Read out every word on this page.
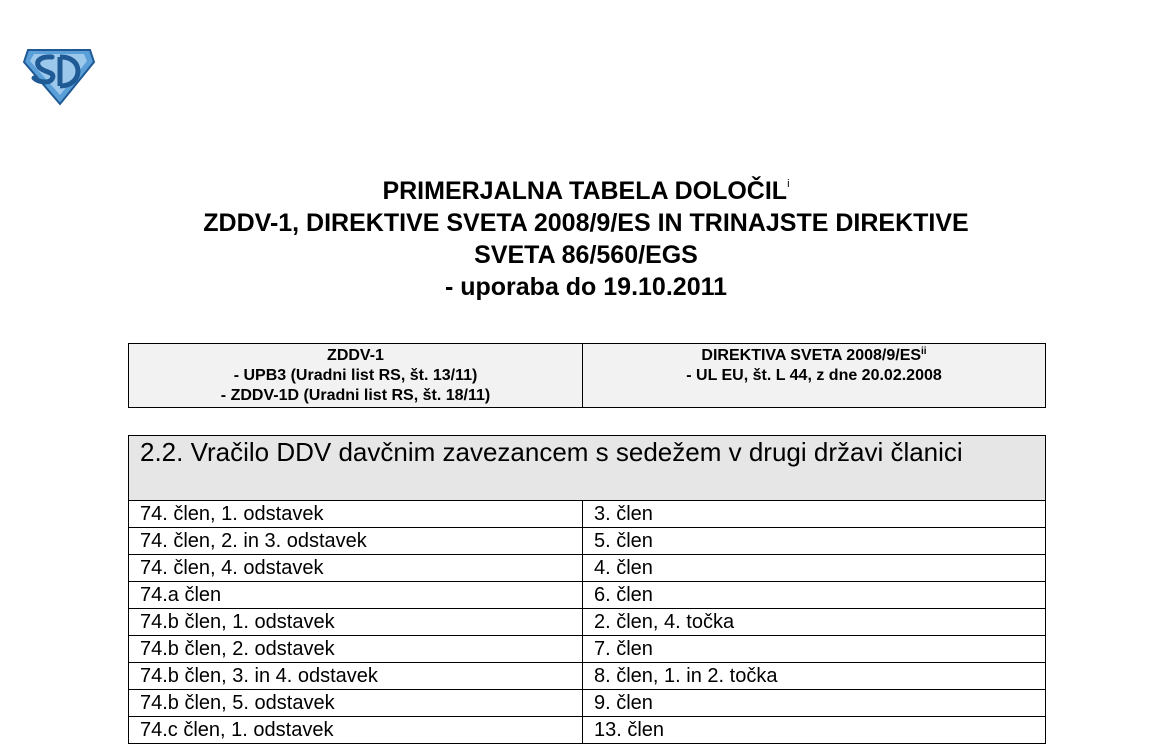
PRIMERJALNA TABELA DOLOČIL$^i$
ZDDV-1, DIREKTIVE SVETA 2008/9/ES IN TRINAJSTE DIREKTIVE
SVETA 86/560/EGS
- uporaba do 19.10.2011
ZDDV-1
- UPB3 (Uradni list RS, št. 13/11)
- ZDDV-1D (Uradni list RS, št. 18/11)

DIREKTIVA SVETA 2008/9/ES$^{ii}$
- UL EU, št. L 44, z dne 20.02.2008
2.2. Vračilo DDV davčnim zavezancem s sedežem v drugi državi članici	
74. člen, 1. odstavek	3. člen
74. člen, 2. in 3. odstavek	5. člen
74. člen, 4. odstavek	4. člen
74.a člen	6. člen
74.b člen, 1. odstavek	2. člen, 4. točka
74.b člen, 2. odstavek	7. člen
74.b člen, 3. in 4. odstavek	8. člen, 1. in 2. točka
74.b člen, 5. odstavek	9. člen
74.c člen, 1. odstavek	13. člen
